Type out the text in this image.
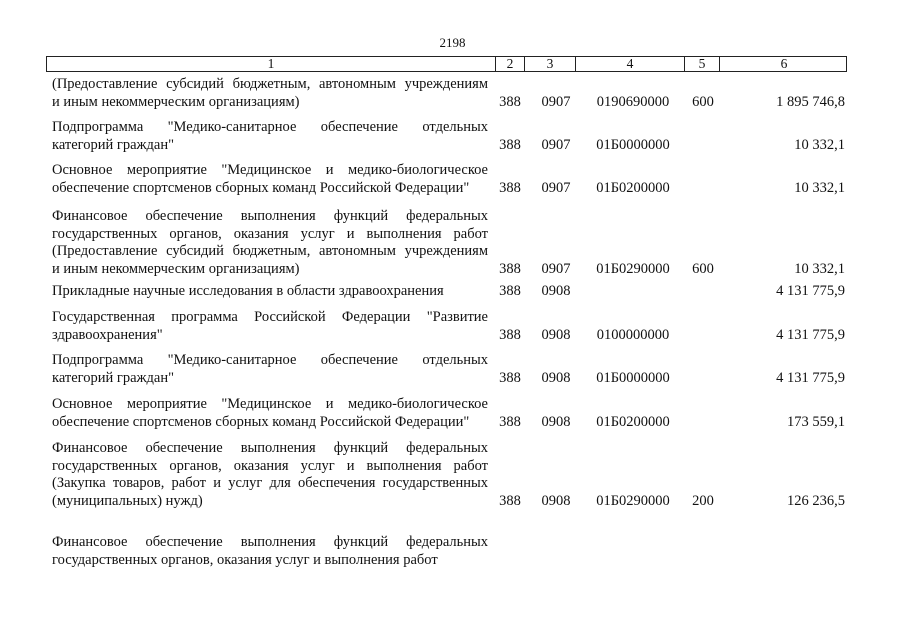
2198
1	2	3	4	5	6
(Предоставление субсидий бюджетным, автономным учреждениям
и иным некоммерческим организациям)	388 0907	0190690000	600	1 895 746,8
Подпрограмма "Медико-санитарное обеспечение отдельных
категорий граждан"	388 0907 01Б0000000	10 332,1
Основное мероприятие "Медицинское и медико-биологическое
обеспечение спортсменов сборных команд Российской Федерации"	388 0907 01Б0200000	10 332,1
Финансовое обеспечение выполнения функций федеральных
государственных органов, оказания услуг и выполнения работ
(Предоставление субсидий бюджетным, автономным учреждениям
и иным некоммерческим организациям)	388 0907 01Б0290000 600	10 332,1
Прикладные научные исследования в области здравоохранения	388 0908	4 131 775,9
Государственная программа Российской Федерации "Развитие
здравоохранения"	388 0908	0100000000	4 131 775,9
Подпрограмма "Медико-санитарное обеспечение отдельных
категорий граждан"	388 0908 01Б0000000	4 131 775,9
Основное мероприятие "Медицинское и медико-биологическое
обеспечение спортсменов сборных команд Российской Федерации"	388 0908 01Б0200000	173 559,1
Финансовое обеспечение выполнения функций федеральных
государственных органов, оказания услуг и выполнения работ
(Закупка товаров, работ и услуг для обеспечения государственных
(муниципальных) нужд)	388 0908 01Б0290000 200	126 236,5
Финансовое обеспечение выполнения функций федеральных
государственных органов, оказания услуг и выполнения работ
